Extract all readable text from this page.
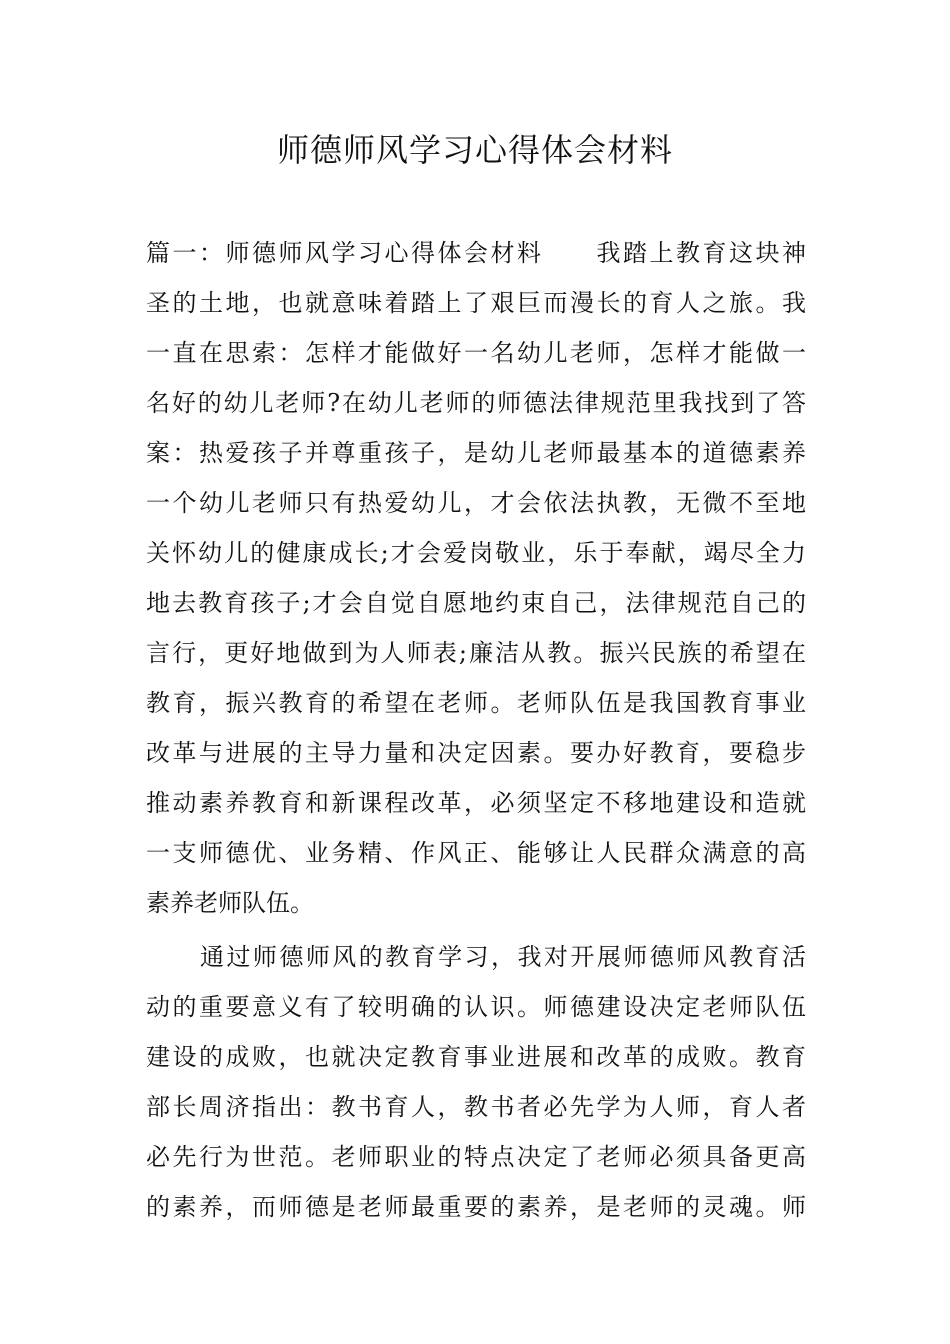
师德师风学习心得体会材料
篇一：师德师风学习心得体会材料　　我踏上教育这块神
圣的土地，也就意味着踏上了艰巨而漫长的育人之旅。我
一直在思索：怎样才能做好一名幼儿老师，怎样才能做一
名好的幼儿老师?在幼儿老师的师德法律规范里我找到了答
案：热爱孩子并尊重孩子，是幼儿老师最基本的道德素养
一个幼儿老师只有热爱幼儿，才会依法执教，无微不至地
关怀幼儿的健康成长;才会爱岗敬业，乐于奉献，竭尽全力
地去教育孩子;才会自觉自愿地约束自己，法律规范自己的
言行，更好地做到为人师表;廉洁从教。振兴民族的希望在
教育，振兴教育的希望在老师。老师队伍是我国教育事业
改革与进展的主导力量和决定因素。要办好教育，要稳步
推动素养教育和新课程改革，必须坚定不移地建设和造就
一支师德优、业务精、作风正、能够让人民群众满意的高
素养老师队伍。
通过师德师风的教育学习，我对开展师德师风教育活
动的重要意义有了较明确的认识。师德建设决定老师队伍
建设的成败，也就决定教育事业进展和改革的成败。教育
部长周济指出：教书育人，教书者必先学为人师，育人者
必先行为世范。老师职业的特点决定了老师必须具备更高
的素养，而师德是老师最重要的素养，是老师的灵魂。师
